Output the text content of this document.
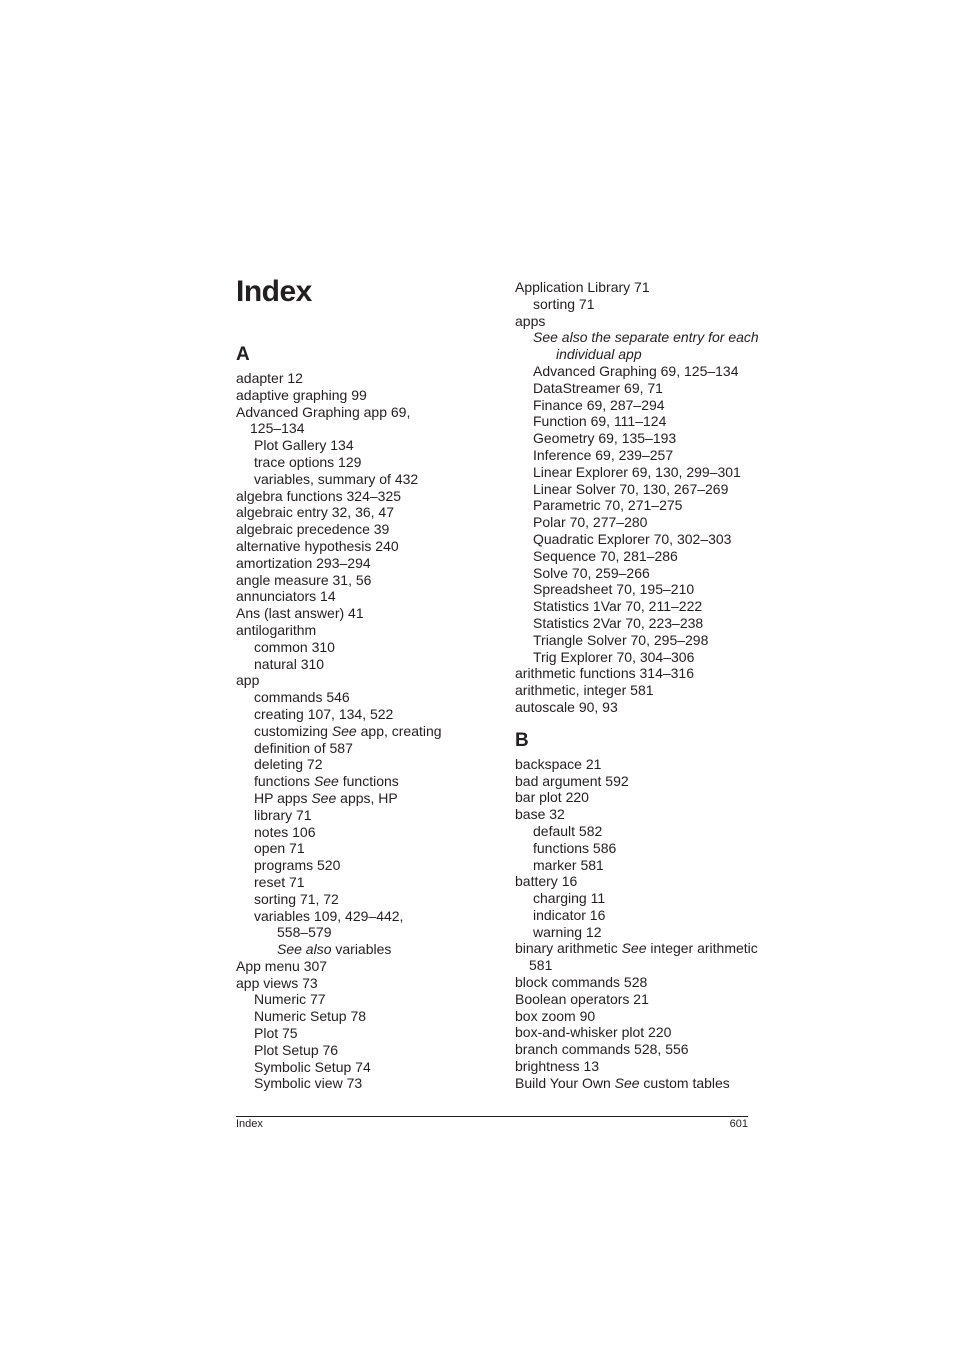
Index
A
adapter 12
adaptive graphing 99
Advanced Graphing app 69,
125–134
Plot Gallery 134
trace options 129
variables, summary of 432
algebra functions 324–325
algebraic entry 32, 36, 47
algebraic precedence 39
alternative hypothesis 240
amortization 293–294
angle measure 31, 56
annunciators 14
Ans (last answer) 41
antilogarithm
common 310
natural 310
app
commands 546
creating 107, 134, 522
customizing See app, creating
definition of 587
deleting 72
functions See functions
HP apps See apps, HP
library 71
notes 106
open 71
programs 520
reset 71
sorting 71, 72
variables 109, 429–442,
558–579
See also variables
App menu 307
app views 73
Numeric 77
Numeric Setup 78
Plot 75
Plot Setup 76
Symbolic Setup 74
Symbolic view 73
Application Library 71
sorting 71
apps
See also the separate entry for each
individual app
Advanced Graphing 69, 125–134
DataStreamer 69, 71
Finance 69, 287–294
Function 69, 111–124
Geometry 69, 135–193
Inference 69, 239–257
Linear Explorer 69, 130, 299–301
Linear Solver 70, 130, 267–269
Parametric 70, 271–275
Polar 70, 277–280
Quadratic Explorer 70, 302–303
Sequence 70, 281–286
Solve 70, 259–266
Spreadsheet 70, 195–210
Statistics 1Var 70, 211–222
Statistics 2Var 70, 223–238
Triangle Solver 70, 295–298
Trig Explorer 70, 304–306
arithmetic functions 314–316
arithmetic, integer 581
autoscale 90, 93
B
backspace 21
bad argument 592
bar plot 220
base 32
default 582
functions 586
marker 581
battery 16
charging 11
indicator 16
warning 12
binary arithmetic See integer arithmetic
581
block commands 528
Boolean operators 21
box zoom 90
box-and-whisker plot 220
branch commands 528, 556
brightness 13
Build Your Own See custom tables
Index	601
